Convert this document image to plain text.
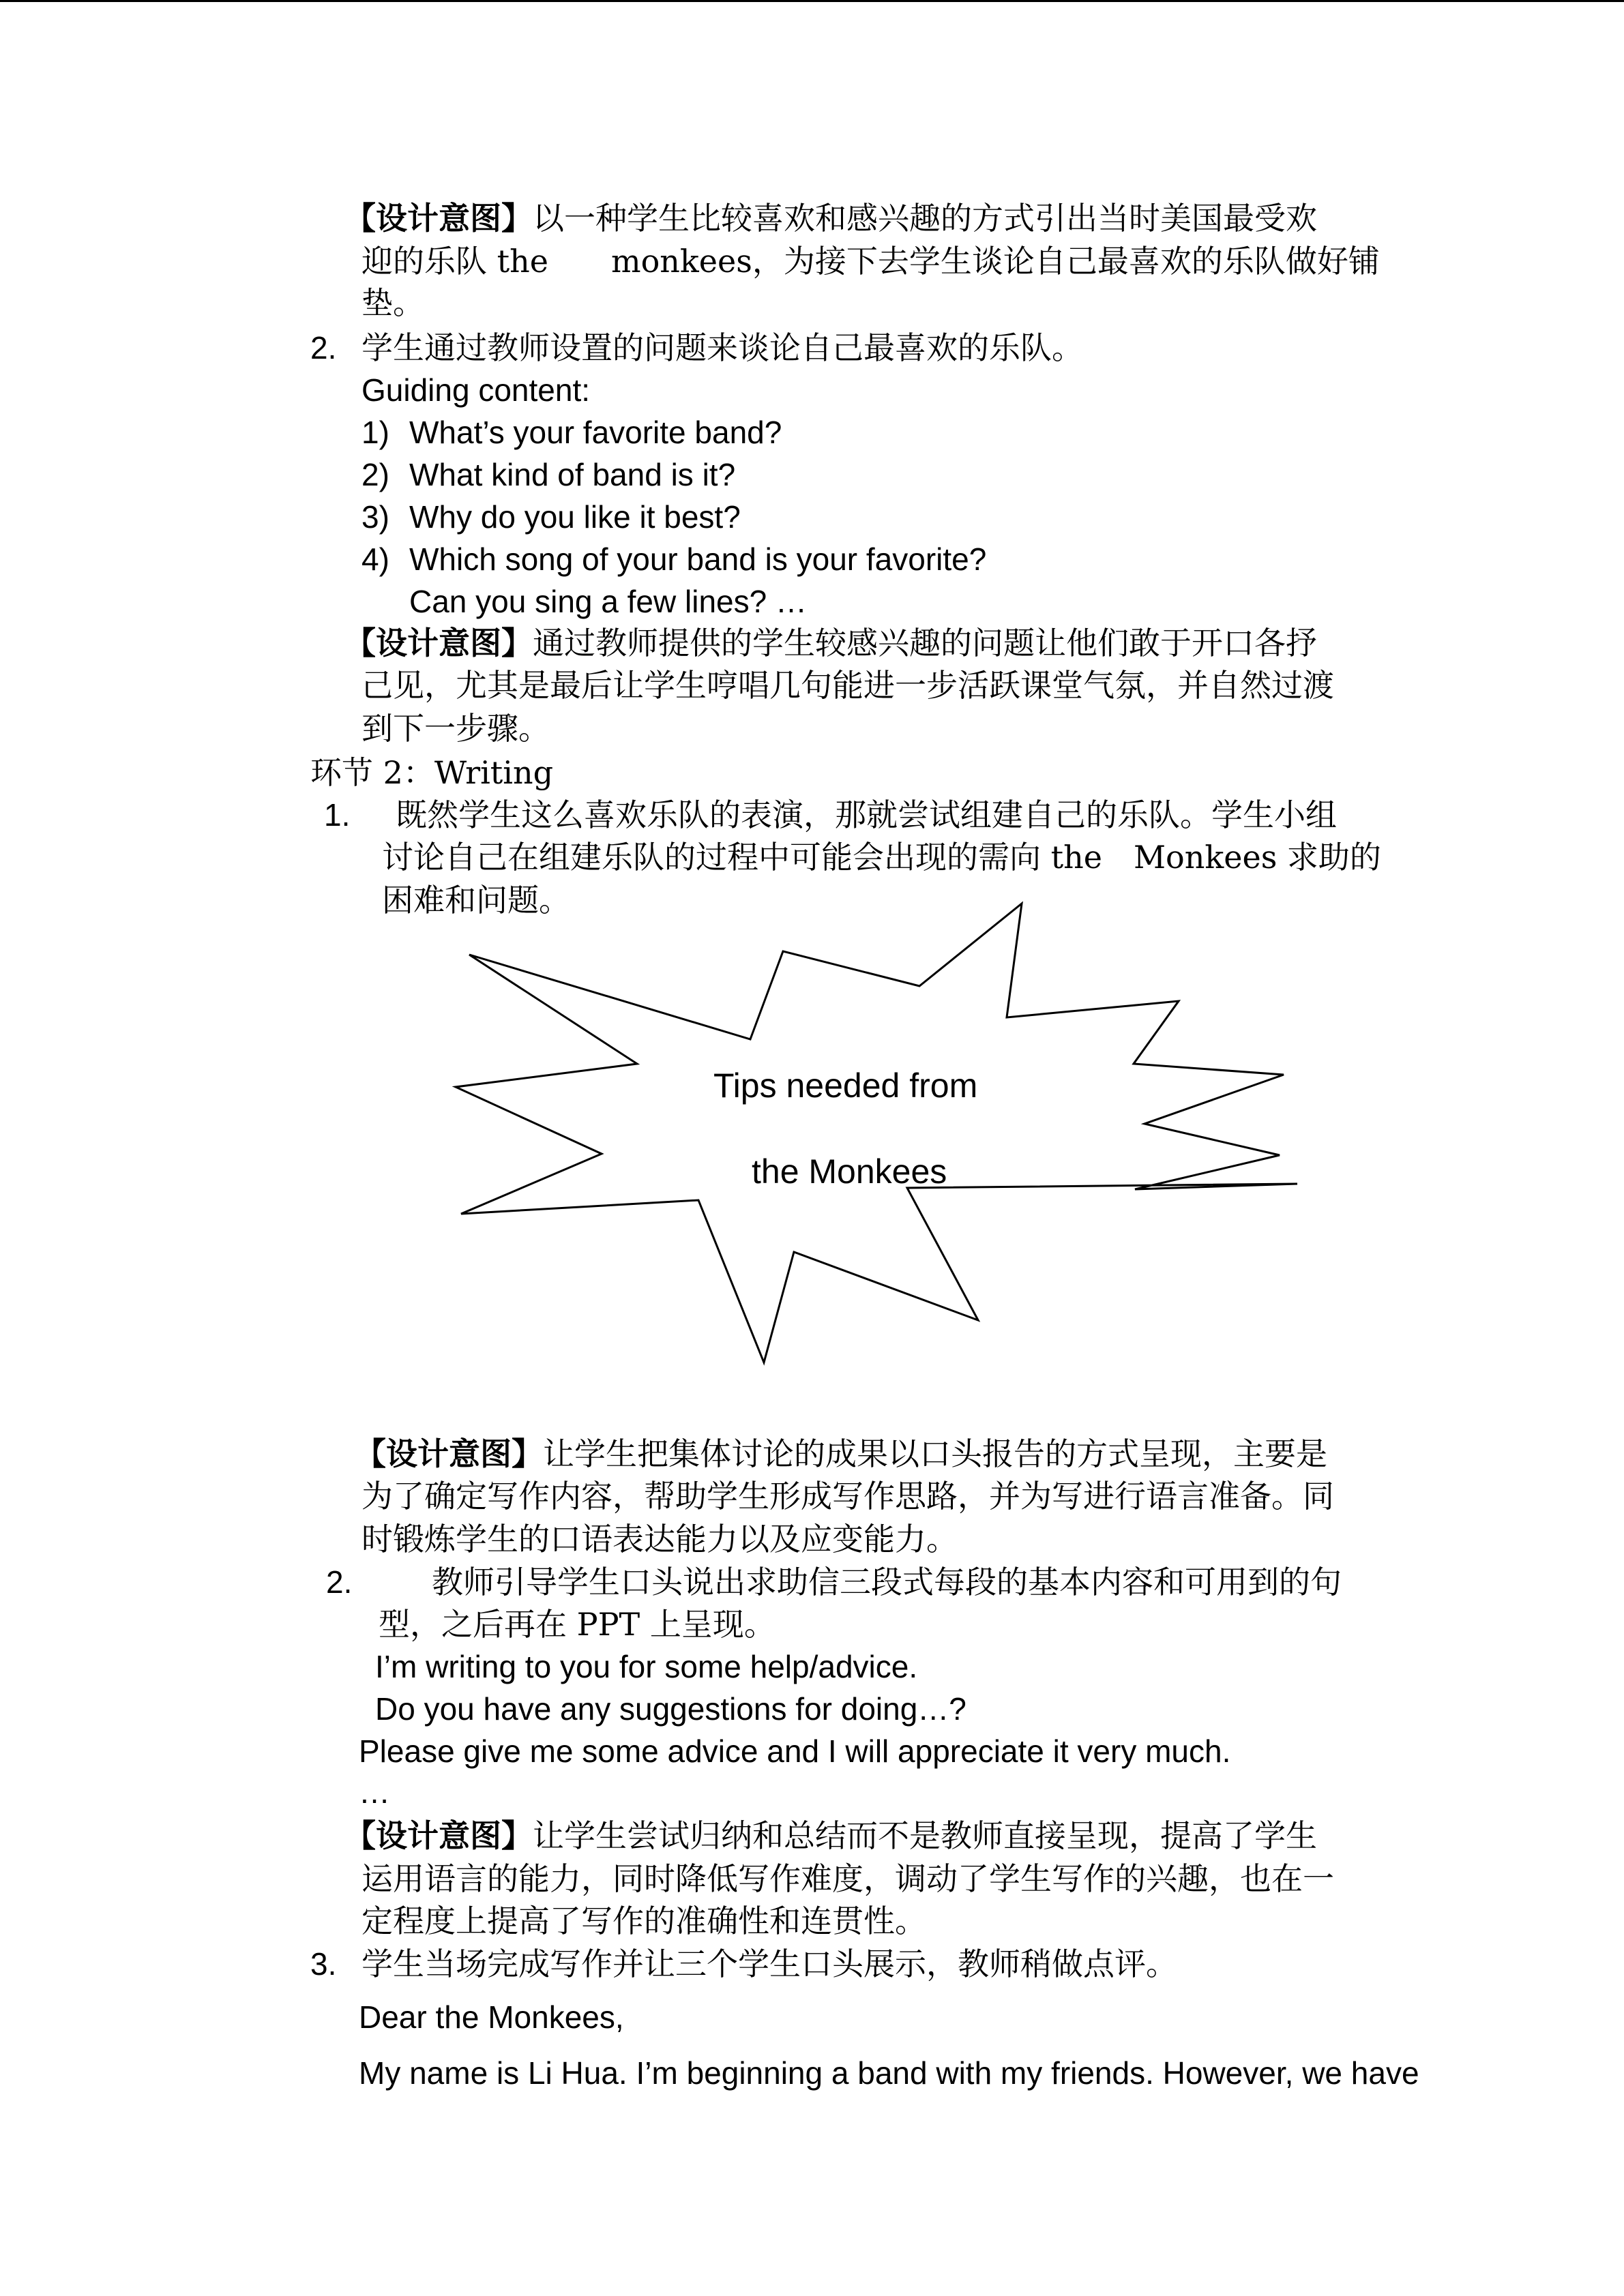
【设计意图】以一种学生比较喜欢和感兴趣的方式引出当时美国最受欢
迎的乐队 the　　monkees，为接下去学生谈论自己最喜欢的乐队做好铺
垫。
2. 学生通过教师设置的问题来谈论自己最喜欢的乐队。
Guiding content:
1) What’s your favorite band?
2) What kind of band is it?
3) Why do you like it best?
4) Which song of your band is your favorite?
Can you sing a few lines? …
【设计意图】通过教师提供的学生较感兴趣的问题让他们敢于开口各抒
己见，尤其是最后让学生哼唱几句能进一步活跃课堂气氛，并自然过渡
到下一步骤。
环节 2：Writing
1. 既然学生这么喜欢乐队的表演，那就尝试组建自己的乐队。学生小组
讨论自己在组建乐队的过程中可能会出现的需向 the　Monkees 求助的
困难和问题。
Tips needed from
the Monkees
【设计意图】让学生把集体讨论的成果以口头报告的方式呈现，主要是
为了确定写作内容，帮助学生形成写作思路，并为写进行语言准备。同
时锻炼学生的口语表达能力以及应变能力。
2.	教师引导学生口头说出求助信三段式每段的基本内容和可用到的句
型，之后再在 PPT 上呈现。
I’m writing to you for some help/advice.
Do you have any suggestions for doing…?
Please give me some advice and I will appreciate it very much.
…
【设计意图】让学生尝试归纳和总结而不是教师直接呈现，提高了学生
运用语言的能力，同时降低写作难度，调动了学生写作的兴趣，也在一
定程度上提高了写作的准确性和连贯性。
3. 学生当场完成写作并让三个学生口头展示，教师稍做点评。
Dear the Monkees,
My name is Li Hua. I’m beginning a band with my friends. However, we have
